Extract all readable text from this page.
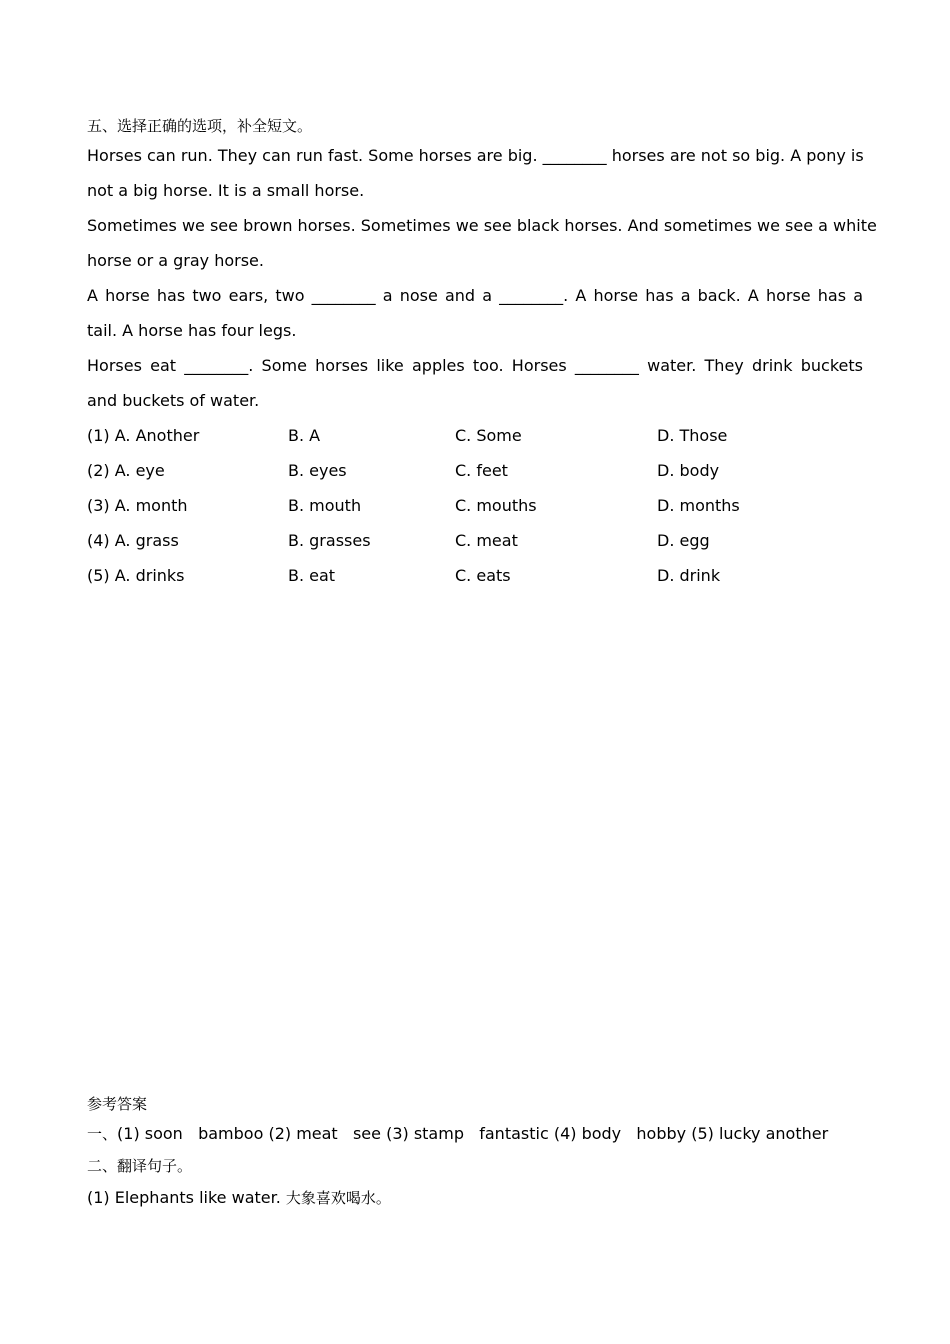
五、选择正确的选项，补全短文。
Horses can run. They can run fast. Some horses are big. ________ horses are not so big. A pony is
not a big horse. It is a small horse.
Sometimes we see brown horses. Sometimes we see black horses. And sometimes we see a white
horse or a gray horse.
A horse has two ears, two ________ a nose and a ________. A horse has a back. A horse has a
tail. A horse has four legs.
Horses eat ________. Some horses like apples too. Horses ________ water. They drink buckets
and buckets of water.
(1) A. Another	B. A	C. Some	D. Those
(2) A. eye	B. eyes	C. feet	D. body
(3) A. month	B. mouth	C. mouths	D. months
(4) A. grass	B. grasses	C. meat	D. egg
(5) A. drinks	B. eat	C. eats	D. drink
参考答案
一、(1) soon   bamboo (2) meat   see (3) stamp   fantastic (4) body   hobby (5) lucky another
二、翻译句子。
(1) Elephants like water. 大象喜欢喝水。
